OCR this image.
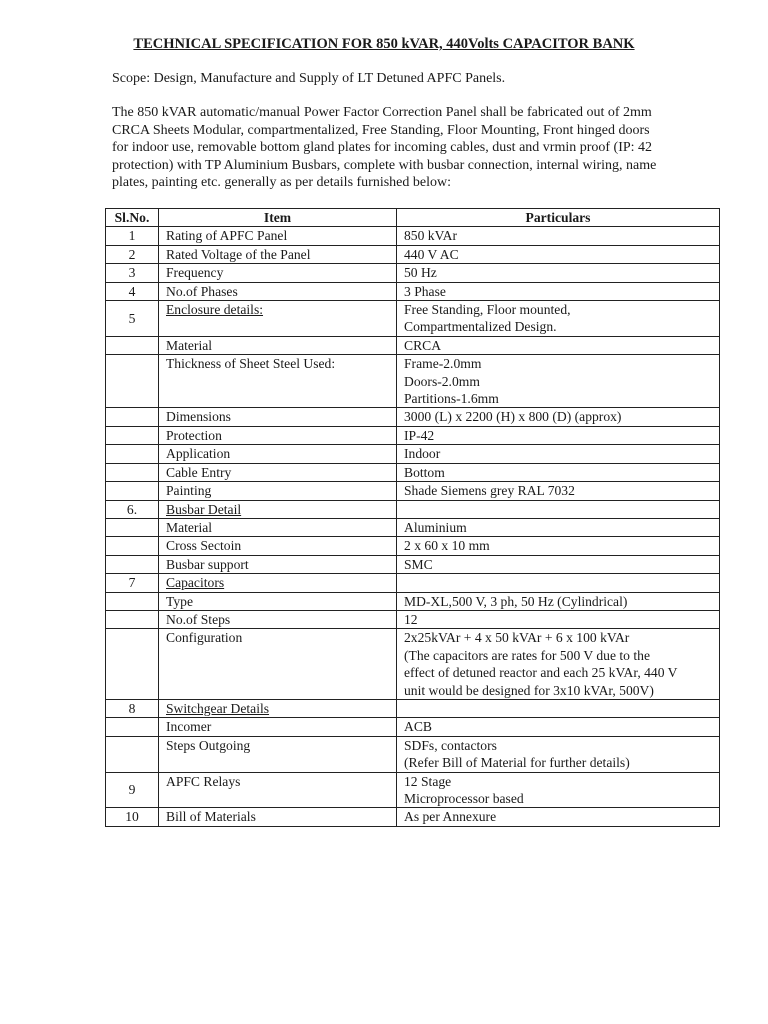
TECHNICAL SPECIFICATION FOR 850 kVAR, 440Volts CAPACITOR BANK

Scope: Design, Manufacture and Supply of LT Detuned APFC Panels.

The 850 kVAR automatic/manual Power Factor Correction Panel shall be fabricated out of 2mm
CRCA Sheets Modular, compartmentalized, Free Standing, Floor Mounting, Front hinged doors
for indoor use, removable bottom gland plates for incoming cables, dust and vrmin proof (IP: 42
protection) with TP Aluminium Busbars, complete with busbar connection, internal wiring, name
plates, painting etc. generally as per details furnished below:

Sl.No.	Item	Particulars
1	Rating of APFC Panel	850 kVAr

2	Rated Voltage of the Panel	440 V AC

3	Frequency	50 Hz

4	No.of Phases	3 Phase

5	Enclosure details:	Free Standing, Floor mounted,
Compartmentalized Design.

	Material	CRCA

	Thickness of Sheet Steel Used:	Frame-2.0mm
Doors-2.0mm
Partitions-1.6mm

	Dimensions	3000 (L) x 2200 (H) x 800 (D) (approx)

	Protection	IP-42

	Application	Indoor

	Cable Entry	Bottom

	Painting	Shade Siemens grey RAL 7032

6.	Busbar Detail	

	Material	Aluminium

	Cross Sectoin	2 x 60 x 10 mm

	Busbar support	SMC

7	Capacitors	

	Type	MD-XL,500 V, 3 ph, 50 Hz (Cylindrical)

	No.of Steps	12

	Configuration	2x25kVAr + 4 x 50 kVAr + 6 x 100 kVAr
(The capacitors are rates for 500 V due to the
effect of detuned reactor and each 25 kVAr, 440 V
unit would be designed for 3x10 kVAr, 500V)

8	Switchgear Details	

	Incomer	ACB

	Steps Outgoing	SDFs, contactors
(Refer Bill of Material for further details)

9	APFC Relays	12 Stage
Microprocessor based

10	Bill of Materials	As per Annexure
